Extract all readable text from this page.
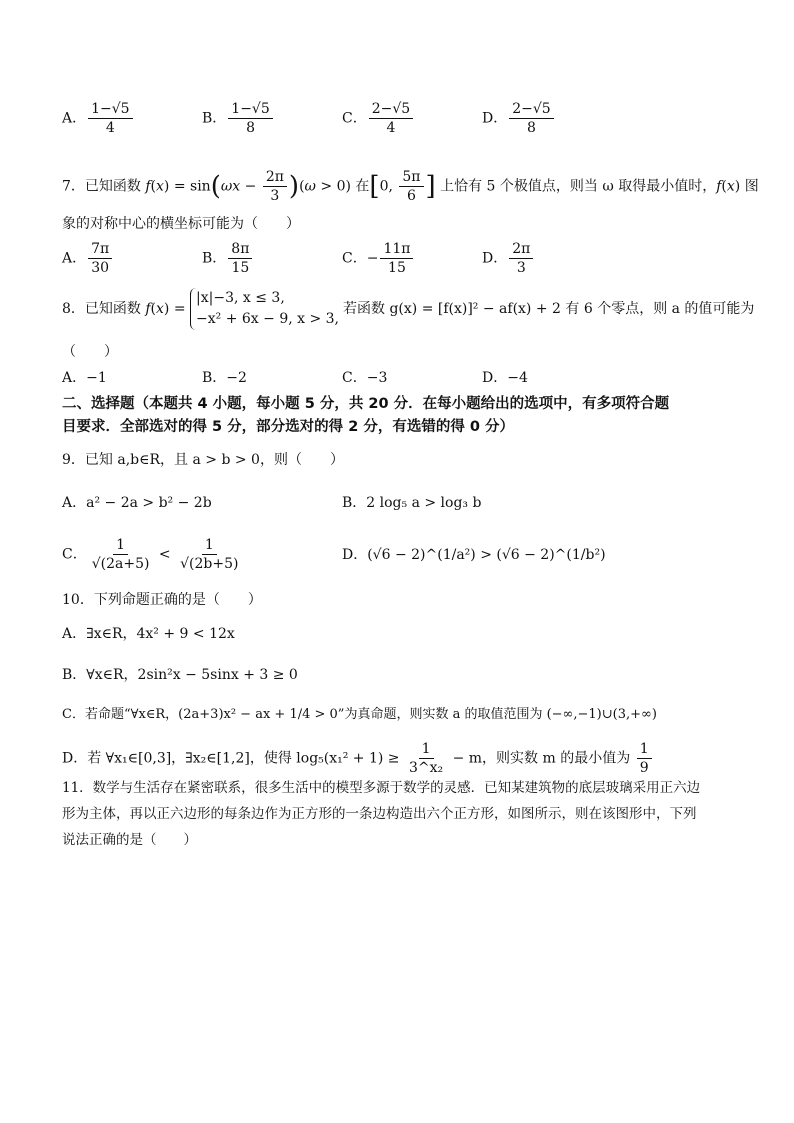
A． $\frac{1-√5}{4}$	B． $\frac{1-√5}{8}$	C． $\frac{2-√5}{4}$	D． $\frac{2-√5}{8}$
7．已知函数 $f(x) = \sin(\omega x - \frac{2\pi}{3} )(\omega > 0)$ 在[0, $\frac{5\pi}{6}$ ] 上恰有 5 个极值点，则当 ω 取得最小值时，f(x) 图
象的对称中心的横坐标可能为（　　）
A． $\frac{7\pi}{30}$	B． $\frac{8\pi}{15}$	C．− $\frac{11\pi}{15}$	D． $\frac{2\pi}{3}$
8．已知函数 f(x) =
|x|−3, x ≤ 3,
−x² + 6x − 9, x > 3,
若函数 g(x) = [f(x)]² − af(x) + 2 有 6 个零点，则 a 的值可能为
（　　）
A．−1	B．−2	C．−3	D．−4
二、选择题（本题共 4 小题，每小题 5 分，共 20 分．在每小题给出的选项中，有多项符合题
目要求．全部选对的得 5 分，部分选对的得 2 分，有选错的得 0 分）
9．已知 a,b∈R，且 a > b > 0，则（　　）
A．a² − 2a > b² − 2b	B．2 log₅ a > log₃ b
C． $\frac{1}{√(2a+5)} < \frac{1}{√(2b+5)}$	D．(√6 − 2)^(1/a²) > (√6 − 2)^(1/b²)
10．下列命题正确的是（　　）
A．∃x∈R，4x² + 9 < 12x
B．∀x∈R，2sin²x − 5sinx + 3 ≥ 0
C．若命题“∀x∈R，(2a+3)x² − ax + 1/4 > 0”为真命题，则实数 a 的取值范围为 (−∞,−1)∪(3,+∞)
D．若 ∀x₁∈[0,3]，∃x₂∈[1,2]，使得 $\log_5(x_1^2 + 1) \ge \frac{1}{\text{3\textasciicircum{}x₂}} - m$，则实数 m 的最小值为 $\frac{1}{9}$
11．数学与生活存在紧密联系，很多生活中的模型多源于数学的灵感．已知某建筑物的底层玻璃采用正六边
形为主体，再以正六边形的每条边作为正方形的一条边构造出六个正方形，如图所示，则在该图形中，下列
说法正确的是（　　）
